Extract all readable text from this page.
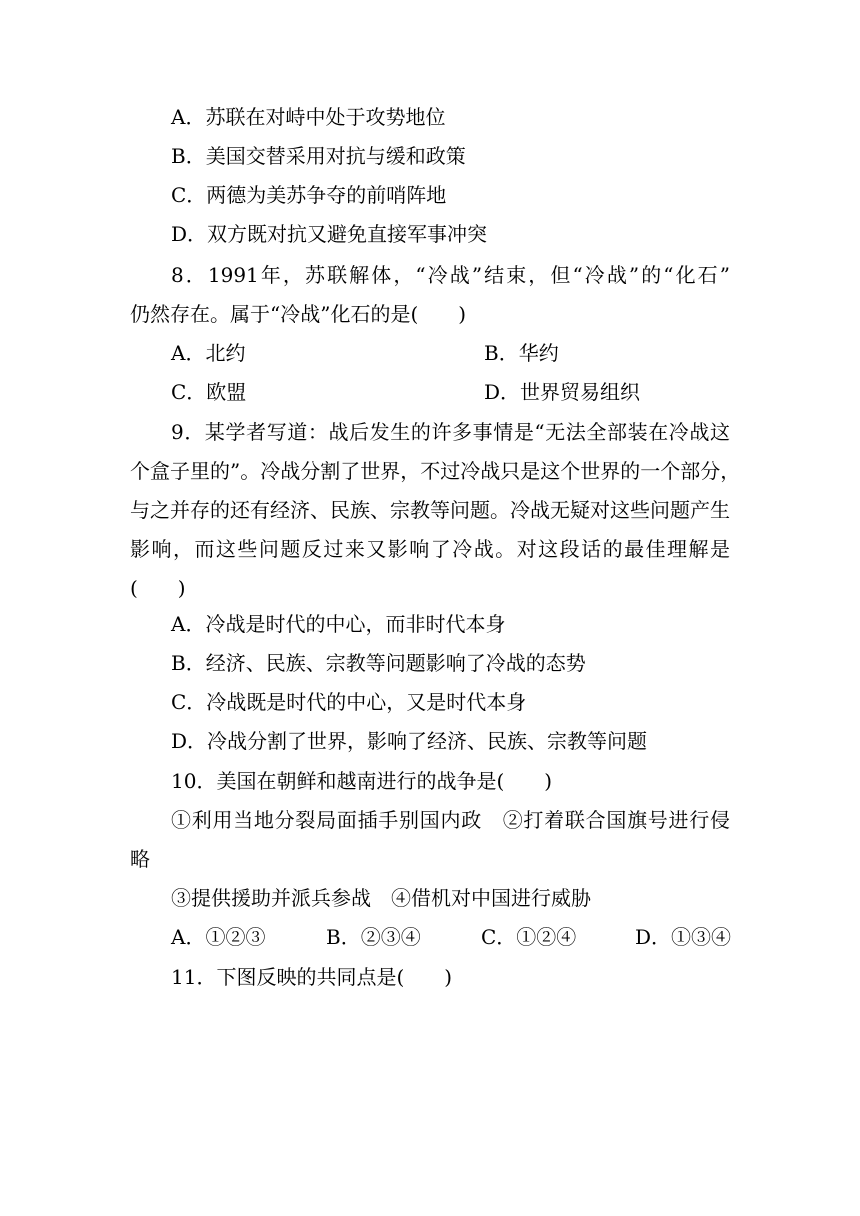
A．苏联在对峙中处于攻势地位
B．美国交替采用对抗与缓和政策
C．两德为美苏争夺的前哨阵地
D．双方既对抗又避免直接军事冲突
8．1991年，苏联解体，“冷战”结束，但“冷战”的“化石”
仍然存在。属于“冷战”化石的是(　　)
A．北约	B．华约
C．欧盟	D．世界贸易组织
9．某学者写道：战后发生的许多事情是“无法全部装在冷战这
个盒子里的”。冷战分割了世界，不过冷战只是这个世界的一个部分，
与之并存的还有经济、民族、宗教等问题。冷战无疑对这些问题产生
影响，而这些问题反过来又影响了冷战。对这段话的最佳理解是
(　　)
A．冷战是时代的中心，而非时代本身
B．经济、民族、宗教等问题影响了冷战的态势
C．冷战既是时代的中心，又是时代本身
D．冷战分割了世界，影响了经济、民族、宗教等问题
10．美国在朝鲜和越南进行的战争是(　　)
①利用当地分裂局面插手别国内政　②打着联合国旗号进行侵
略
③提供援助并派兵参战　④借机对中国进行威胁
A．①②③	B．②③④	C．①②④	D．①③④
11．下图反映的共同点是(　　)
